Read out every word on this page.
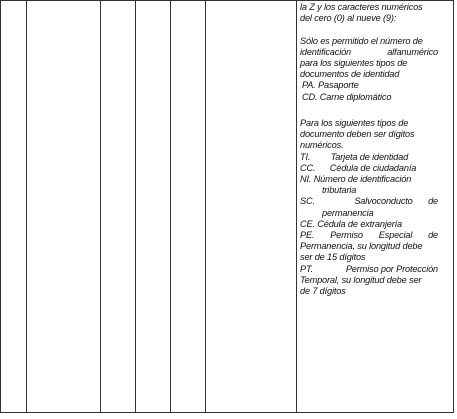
la Z y los caracteres numéricos
del cero (0) al nueve (9):
Sólo es permitido el número de
identificación	alfanumérico
para los siguientes tipos de
documentos de identidad
PA. Pasaporte
CD. Carne diplomático
Para los siguientes tipos de
documento deben ser dígitos
numéricos.
TI. Tarjeta de identidad
CC. Cédula de ciudadanía
NI. Número de identificación
tributaria
SC.	Salvoconducto de
permanencia
CE. Cédula de extranjería
PE. Permiso Especial de
Permanencia, su longitud debe
ser de 15 dígitos
PT.	Permiso por Protección
Temporal, su longitud debe ser
de 7 dígitos
